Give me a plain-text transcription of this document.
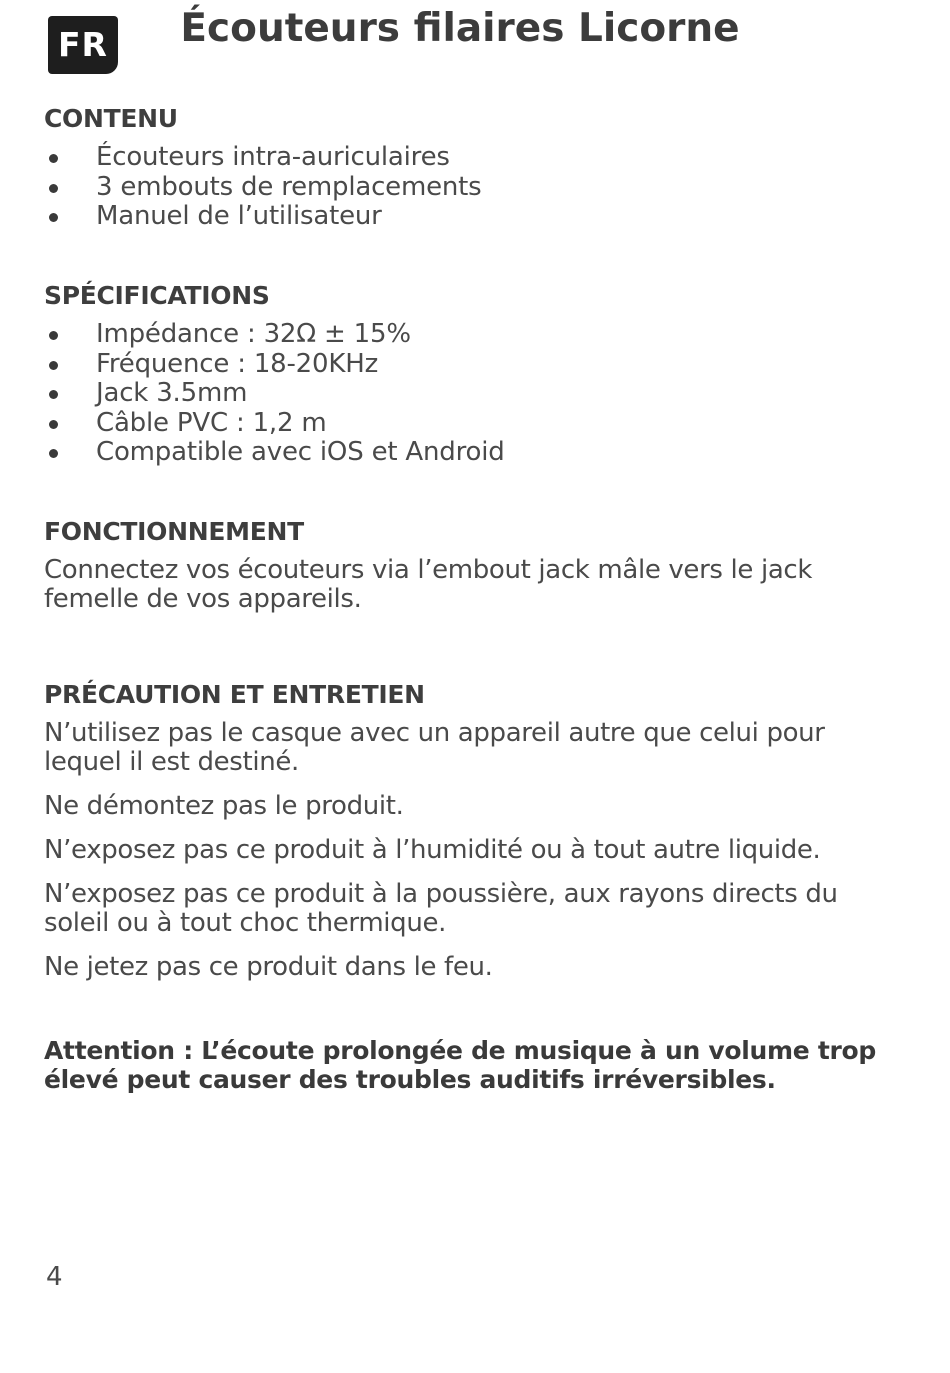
FR	Écouteurs filaires Licorne
CONTENU
Écouteurs intra-auriculaires
3 embouts de remplacements
Manuel de l’utilisateur
SPÉCIFICATIONS
Impédance : 32Ω ± 15%
Fréquence : 18-20KHz
Jack 3.5mm
Câble PVC : 1,2 m
Compatible avec iOS et Android
FONCTIONNEMENT

Connectez vos écouteurs via l’embout jack mâle vers le jack femelle de vos appareils.

PRÉCAUTION ET ENTRETIEN

N’utilisez pas le casque avec un appareil autre que celui pour lequel il est destiné.

Ne démontez pas le produit.

N’exposez pas ce produit à l’humidité ou à tout autre liquide.

N’exposez pas ce produit à la poussière, aux rayons directs du soleil ou à tout choc thermique.

Ne jetez pas ce produit dans le feu.

Attention : L’écoute prolongée de musique à un volume trop élevé peut causer des troubles auditifs irréversibles.

4
